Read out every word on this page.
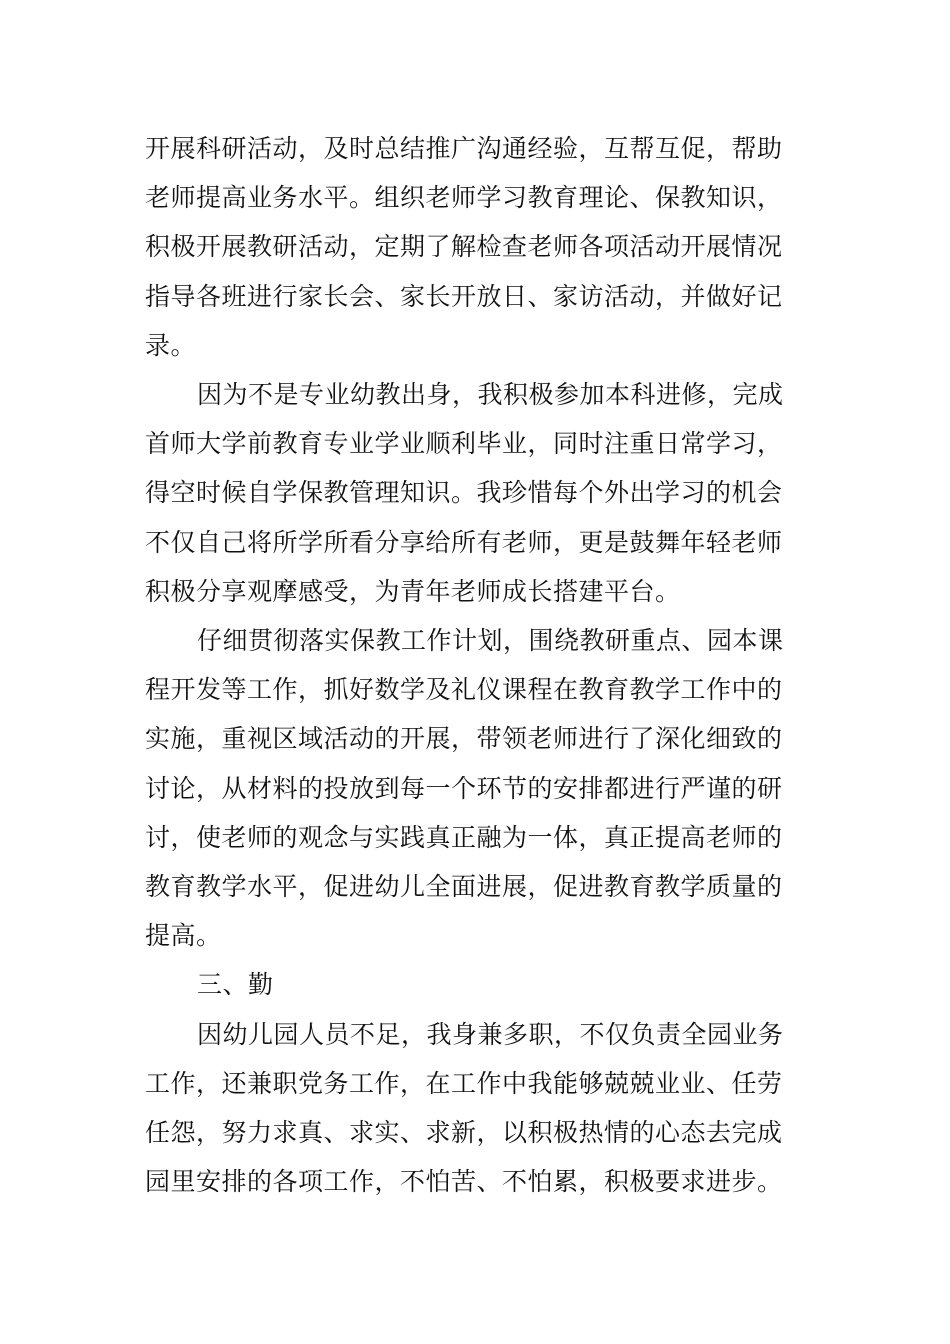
开展科研活动，及时总结推广沟通经验，互帮互促，帮助
老师提高业务水平。组织老师学习教育理论、保教知识，
积极开展教研活动，定期了解检查老师各项活动开展情况
指导各班进行家长会、家长开放日、家访活动，并做好记
录。

因为不是专业幼教出身，我积极参加本科进修，完成
首师大学前教育专业学业顺利毕业，同时注重日常学习，
得空时候自学保教管理知识。我珍惜每个外出学习的机会
不仅自己将所学所看分享给所有老师，更是鼓舞年轻老师
积极分享观摩感受，为青年老师成长搭建平台。

仔细贯彻落实保教工作计划，围绕教研重点、园本课
程开发等工作，抓好数学及礼仪课程在教育教学工作中的
实施，重视区域活动的开展，带领老师进行了深化细致的
讨论，从材料的投放到每一个环节的安排都进行严谨的研
讨，使老师的观念与实践真正融为一体，真正提高老师的
教育教学水平，促进幼儿全面进展，促进教育教学质量的
提高。

三、勤

因幼儿园人员不足，我身兼多职，不仅负责全园业务
工作，还兼职党务工作，在工作中我能够兢兢业业、任劳
任怨，努力求真、求实、求新，以积极热情的心态去完成
园里安排的各项工作，不怕苦、不怕累，积极要求进步。
